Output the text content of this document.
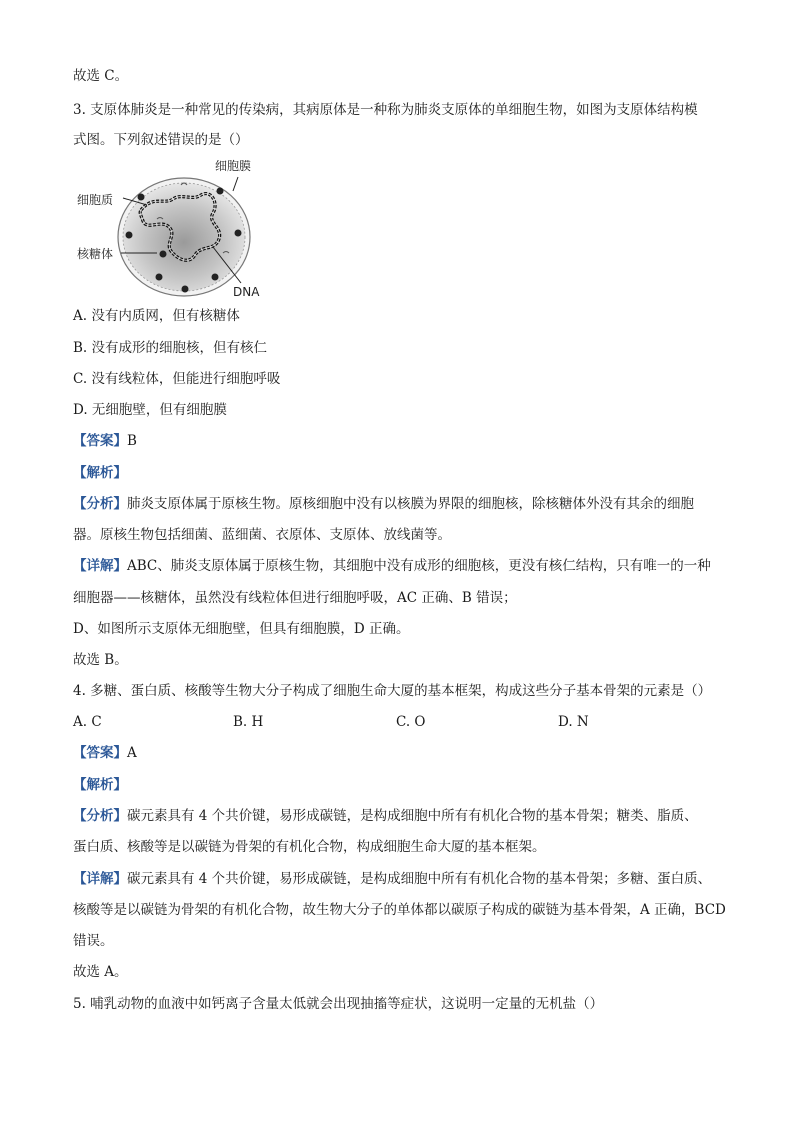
故选 C。
3. 支原体肺炎是一种常见的传染病，其病原体是一种称为肺炎支原体的单细胞生物，如图为支原体结构模
式图。下列叙述错误的是（）
细胞膜
细胞质
核糖体
DNA
A. 没有内质网，但有核糖体
B. 没有成形的细胞核，但有核仁
C. 没有线粒体，但能进行细胞呼吸
D. 无细胞壁，但有细胞膜
【答案】B
【解析】
【分析】肺炎支原体属于原核生物。原核细胞中没有以核膜为界限的细胞核，除核糖体外没有其余的细胞
器。原核生物包括细菌、蓝细菌、衣原体、支原体、放线菌等。
【详解】ABC、肺炎支原体属于原核生物，其细胞中没有成形的细胞核，更没有核仁结构，只有唯一的一种
细胞器——核糖体，虽然没有线粒体但进行细胞呼吸，AC 正确、B 错误；
D、如图所示支原体无细胞壁，但具有细胞膜，D 正确。
故选 B。
4. 多糖、蛋白质、核酸等生物大分子构成了细胞生命大厦的基本框架，构成这些分子基本骨架的元素是（）
A. C	B. H	C. O	D. N
【答案】A
【解析】
【分析】碳元素具有 4 个共价键，易形成碳链，是构成细胞中所有有机化合物的基本骨架；糖类、脂质、
蛋白质、核酸等是以碳链为骨架的有机化合物，构成细胞生命大厦的基本框架。
【详解】碳元素具有 4 个共价键，易形成碳链，是构成细胞中所有有机化合物的基本骨架；多糖、蛋白质、
核酸等是以碳链为骨架的有机化合物，故生物大分子的单体都以碳原子构成的碳链为基本骨架，A 正确，BCD
错误。
故选 A。
5. 哺乳动物的血液中如钙离子含量太低就会出现抽搐等症状，这说明一定量的无机盐（）
